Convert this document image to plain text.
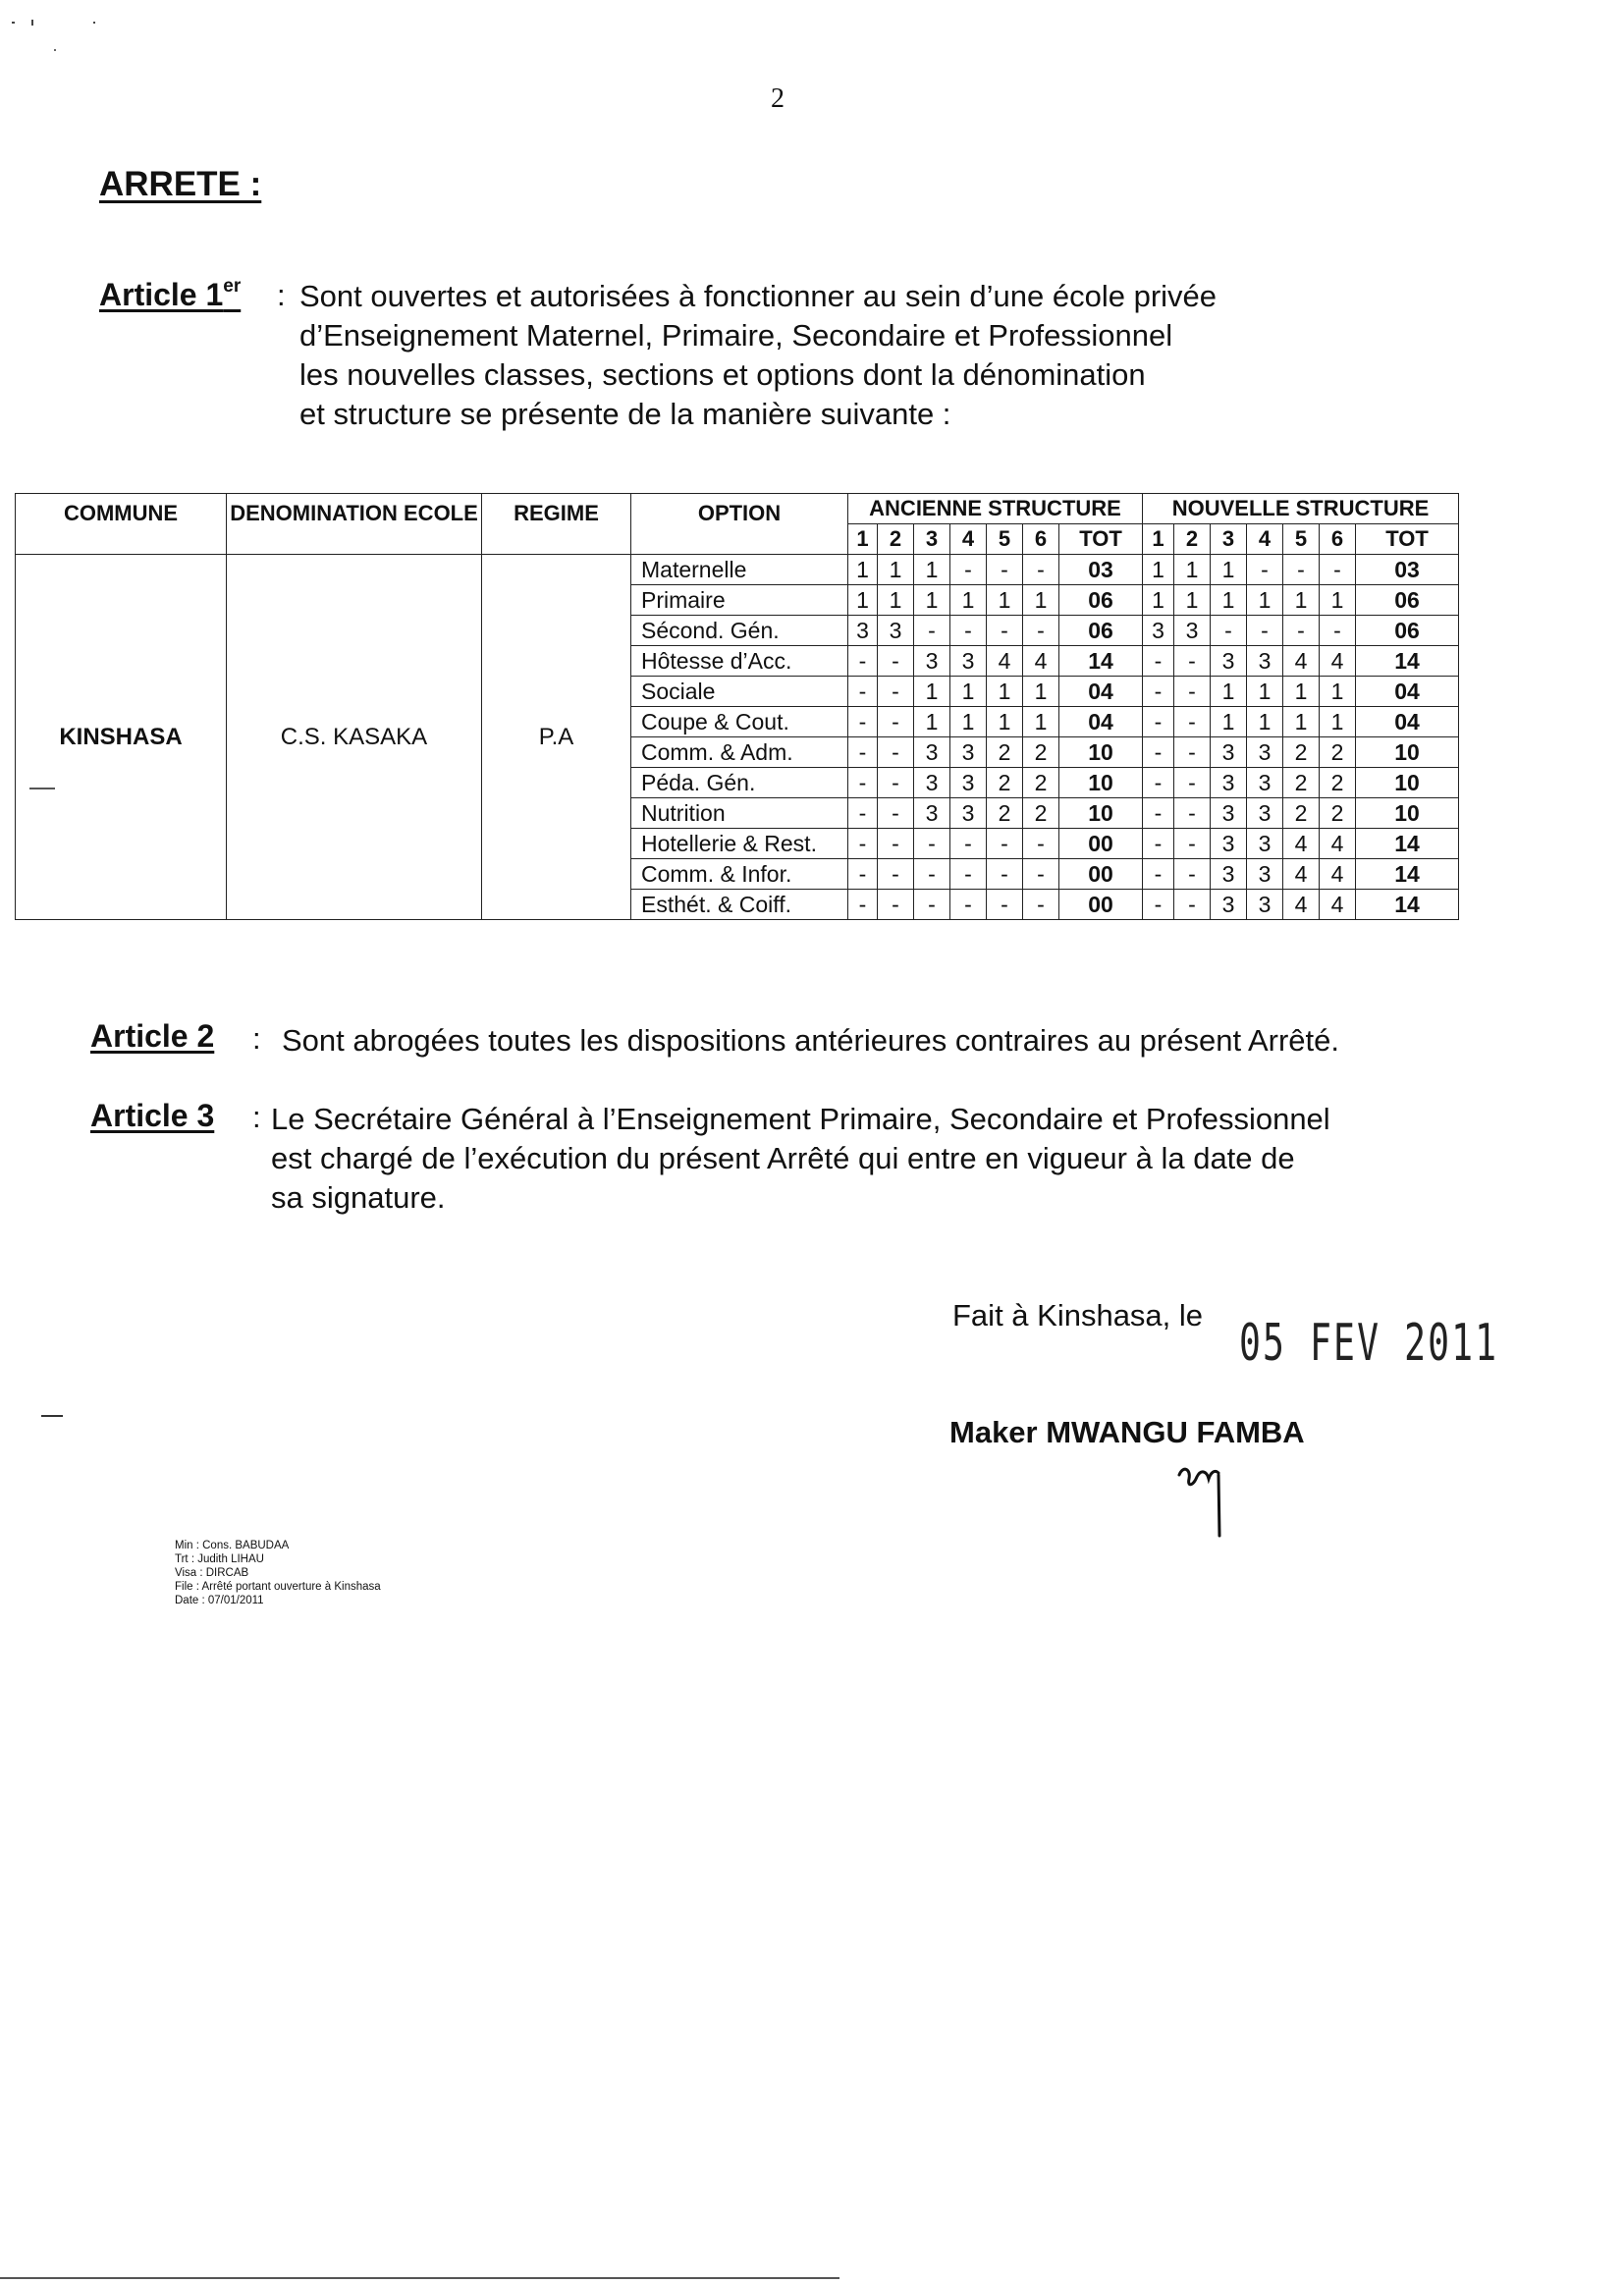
2
ARRETE :
Article 1er : Sont ouvertes et autorisées à fonctionner au sein d’une école privée
d’Enseignement Maternel, Primaire, Secondaire et Professionnel
les nouvelles classes, sections et options dont la dénomination
et structure se présente de la manière suivante :
COMMUNE	DENOMINATION ECOLE	REGIME	OPTION	ANCIENNE STRUCTURE							NOUVELLE STRUCTURE						
				1	2	3	4	5	6	TOT	1	2	3	4	5	6	TOT
KINSHASA	C.S. KASAKA	P.A	Maternelle	1	1	1	-	-	-	03	1	1	1	-	-	-	03
			Primaire	1	1	1	1	1	1	06	1	1	1	1	1	1	06
			Sécond. Gén.	3	3	-	-	-	-	06	3	3	-	-	-	-	06
			Hôtesse d’Acc.	-	-	3	3	4	4	14	-	-	3	3	4	4	14
			Sociale	-	-	1	1	1	1	04	-	-	1	1	1	1	04
			Coupe & Cout.	-	-	1	1	1	1	04	-	-	1	1	1	1	04
			Comm. & Adm.	-	-	3	3	2	2	10	-	-	3	3	2	2	10
			Péda. Gén.	-	-	3	3	2	2	10	-	-	3	3	2	2	10
			Nutrition	-	-	3	3	2	2	10	-	-	3	3	2	2	10
			Hotellerie & Rest.	-	-	-	-	-	-	00	-	-	3	3	4	4	14
			Comm. & Infor.	-	-	-	-	-	-	00	-	-	3	3	4	4	14
			Esthét. & Coiff.	-	-	-	-	-	-	00	-	-	3	3	4	4	14
Article 2 : Sont abrogées toutes les dispositions antérieures contraires au présent Arrêté.
Article 3 : Le Secrétaire Général à l’Enseignement Primaire, Secondaire et Professionnel
est chargé de l’exécution du présent Arrêté qui entre en vigueur à la date de
sa signature.
Fait à Kinshasa, le 05 FEV 2011
Maker MWANGU FAMBA
Min : Cons. BABUDAA
Trt : Judith LIHAU
Visa : DIRCAB
File : Arrêté portant ouverture à Kinshasa
Date : 07/01/2011
